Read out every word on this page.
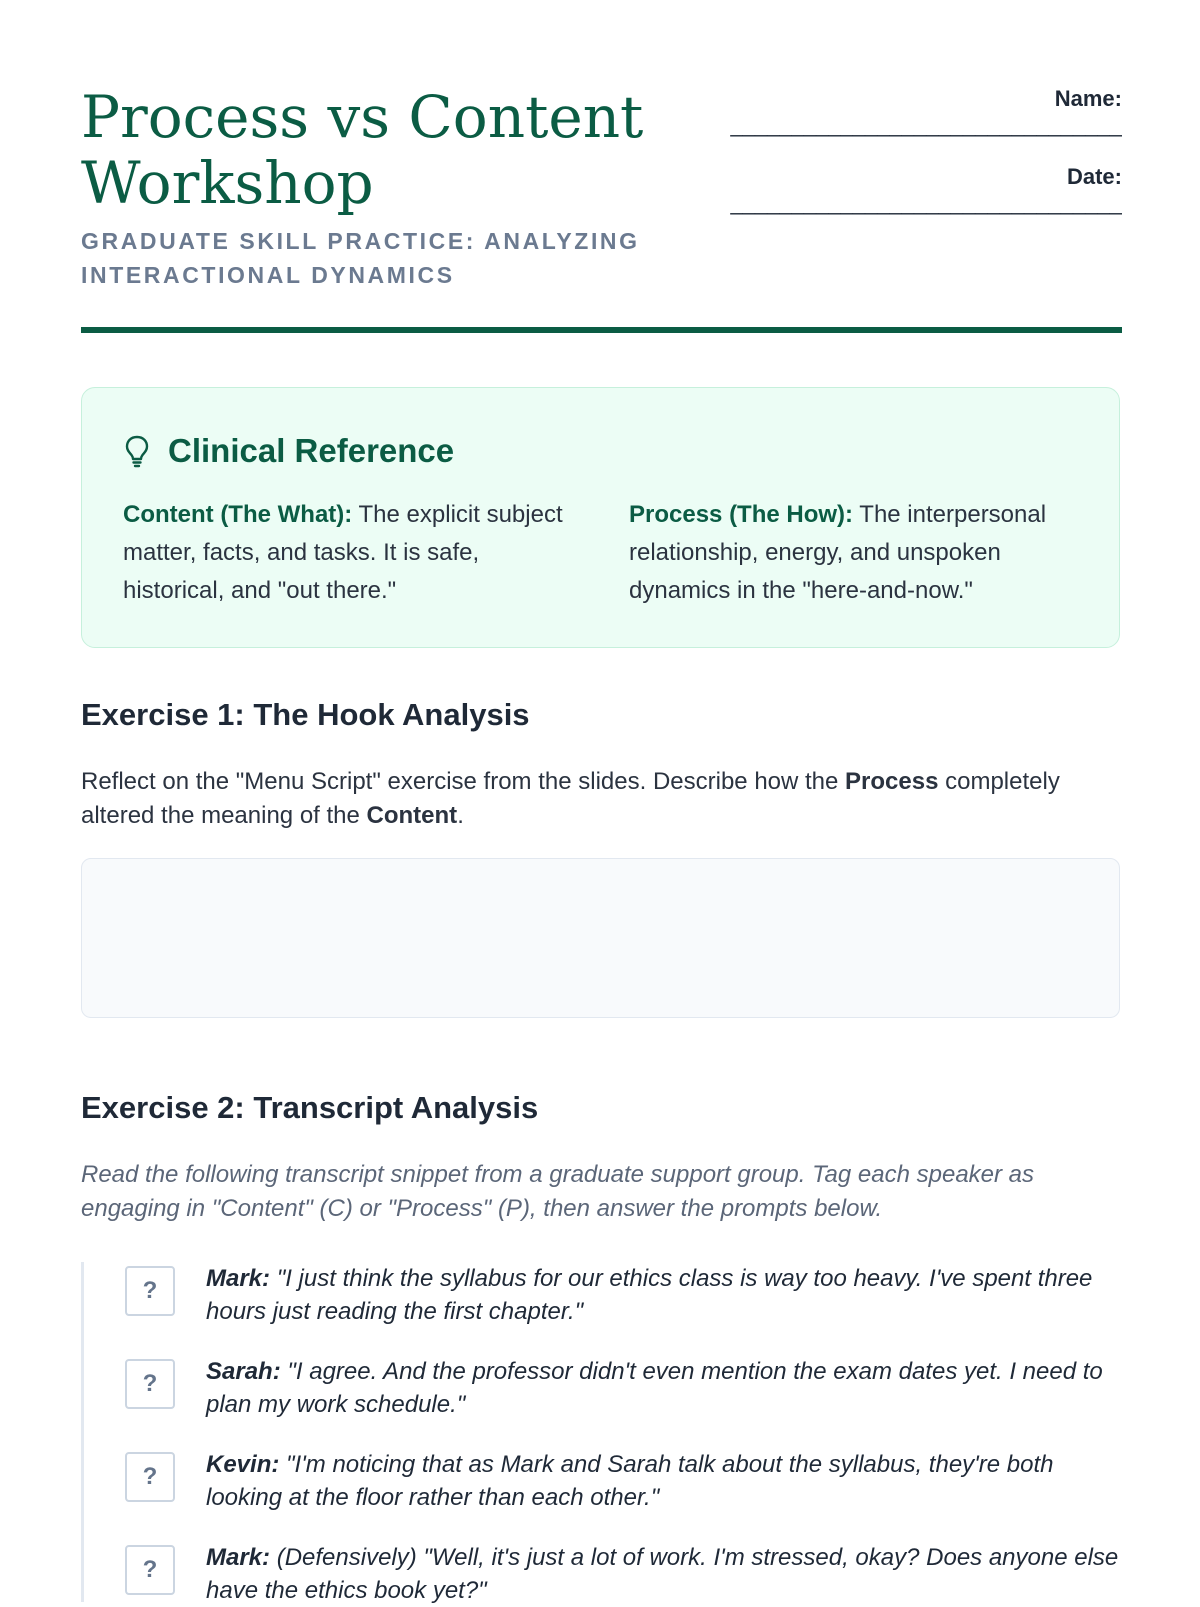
Process vs Content Workshop
GRADUATE SKILL PRACTICE: ANALYZING INTERACTIONAL DYNAMICS
Name:
________________________________
Date:
________________________________
Clinical Reference
Content (The What): The explicit subject matter, facts, and tasks. It is safe, historical, and "out there."
Process (The How): The interpersonal relationship, energy, and unspoken dynamics in the "here-and-now."
Exercise 1: The Hook Analysis
Reflect on the "Menu Script" exercise from the slides. Describe how the Process completely altered the meaning of the Content.
Exercise 2: Transcript Analysis
Read the following transcript snippet from a graduate support group. Tag each speaker as engaging in "Content" (C) or "Process" (P), then answer the prompts below.
?	Mark: "I just think the syllabus for our ethics class is way too heavy. I've spent three hours just reading the first chapter."
?	Sarah: "I agree. And the professor didn't even mention the exam dates yet. I need to plan my work schedule."
?	Kevin: "I'm noticing that as Mark and Sarah talk about the syllabus, they're both looking at the floor rather than each other."
?	Mark: (Defensively) "Well, it's just a lot of work. I'm stressed, okay? Does anyone else have the ethics book yet?"
